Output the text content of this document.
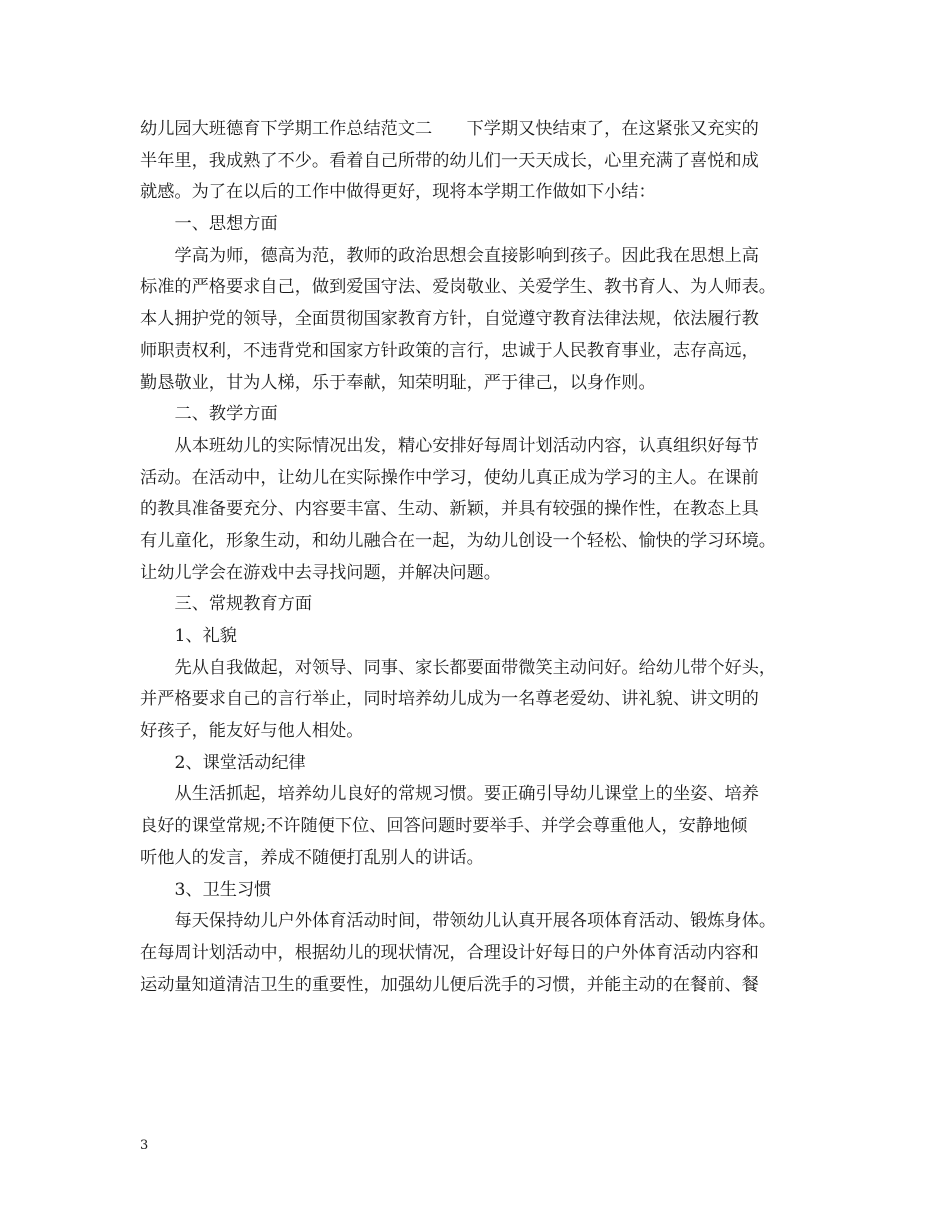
幼儿园大班德育下学期工作总结范文二　　下学期又快结束了，在这紧张又充实的
半年里，我成熟了不少。看着自己所带的幼儿们一天天成长，心里充满了喜悦和成
就感。为了在以后的工作中做得更好，现将本学期工作做如下小结：
一、思想方面
学高为师，德高为范，教师的政治思想会直接影响到孩子。因此我在思想上高
标准的严格要求自己，做到爱国守法、爱岗敬业、关爱学生、教书育人、为人师表。
本人拥护党的领导，全面贯彻国家教育方针，自觉遵守教育法律法规，依法履行教
师职责权利，不违背党和国家方针政策的言行，忠诚于人民教育事业，志存高远，
勤恳敬业，甘为人梯，乐于奉献，知荣明耻，严于律己，以身作则。
二、教学方面
从本班幼儿的实际情况出发，精心安排好每周计划活动内容，认真组织好每节
活动。在活动中，让幼儿在实际操作中学习，使幼儿真正成为学习的主人。在课前
的教具准备要充分、内容要丰富、生动、新颖，并具有较强的操作性，在教态上具
有儿童化，形象生动，和幼儿融合在一起，为幼儿创设一个轻松、愉快的学习环境。
让幼儿学会在游戏中去寻找问题，并解决问题。
三、常规教育方面
1、礼貌
先从自我做起，对领导、同事、家长都要面带微笑主动问好。给幼儿带个好头，
并严格要求自己的言行举止，同时培养幼儿成为一名尊老爱幼、讲礼貌、讲文明的
好孩子，能友好与他人相处。
2、课堂活动纪律
从生活抓起，培养幼儿良好的常规习惯。要正确引导幼儿课堂上的坐姿、培养
良好的课堂常规;不许随便下位、回答问题时要举手、并学会尊重他人，安静地倾
听他人的发言，养成不随便打乱别人的讲话。
3、卫生习惯
每天保持幼儿户外体育活动时间，带领幼儿认真开展各项体育活动、锻炼身体。
在每周计划活动中，根据幼儿的现状情况，合理设计好每日的户外体育活动内容和
运动量知道清洁卫生的重要性，加强幼儿便后洗手的习惯，并能主动的在餐前、餐
3
